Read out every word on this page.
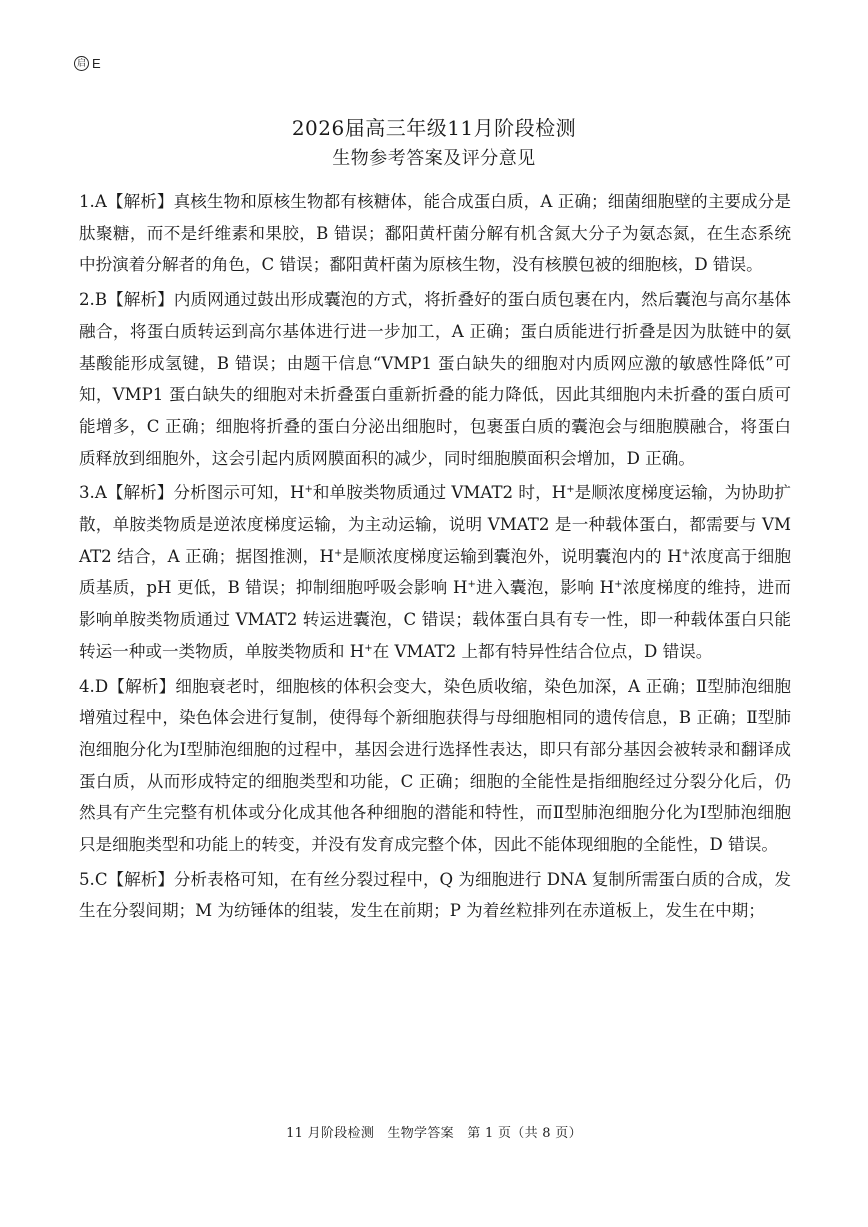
启 E
2026届高三年级11月阶段检测
生物参考答案及评分意见

1.A【解析】真核生物和原核生物都有核糖体，能合成蛋白质，A 正确；细菌细胞壁的主要成分是肽聚糖，而不是纤维素和果胶，B 错误；鄱阳黄杆菌分解有机含氮大分子为氨态氮，在生态系统中扮演着分解者的角色，C 错误；鄱阳黄杆菌为原核生物，没有核膜包被的细胞核，D 错误。

2.B【解析】内质网通过鼓出形成囊泡的方式，将折叠好的蛋白质包裹在内，然后囊泡与高尔基体融合，将蛋白质转运到高尔基体进行进一步加工，A 正确；蛋白质能进行折叠是因为肽链中的氨基酸能形成氢键，B 错误；由题干信息“VMP1 蛋白缺失的细胞对内质网应激的敏感性降低”可知，VMP1 蛋白缺失的细胞对未折叠蛋白重新折叠的能力降低，因此其细胞内未折叠的蛋白质可能增多，C 正确；细胞将折叠的蛋白分泌出细胞时，包裹蛋白质的囊泡会与细胞膜融合，将蛋白质释放到细胞外，这会引起内质网膜面积的减少，同时细胞膜面积会增加，D 正确。

3.A【解析】分析图示可知，H+和单胺类物质通过 VMAT2 时，H+是顺浓度梯度运输，为协助扩散，单胺类物质是逆浓度梯度运输，为主动运输，说明 VMAT2 是一种载体蛋白，都需要与 VMAT2 结合，A 正确；据图推测，H+是顺浓度梯度运输到囊泡外，说明囊泡内的 H+浓度高于细胞质基质，pH 更低，B 错误；抑制细胞呼吸会影响 H+进入囊泡，影响 H+浓度梯度的维持，进而影响单胺类物质通过 VMAT2 转运进囊泡，C 错误；载体蛋白具有专一性，即一种载体蛋白只能转运一种或一类物质，单胺类物质和 H+在 VMAT2 上都有特异性结合位点，D 错误。

4.D【解析】细胞衰老时，细胞核的体积会变大，染色质收缩，染色加深，A 正确；Ⅱ型肺泡细胞增殖过程中，染色体会进行复制，使得每个新细胞获得与母细胞相同的遗传信息，B 正确；Ⅱ型肺泡细胞分化为Ⅰ型肺泡细胞的过程中，基因会进行选择性表达，即只有部分基因会被转录和翻译成蛋白质，从而形成特定的细胞类型和功能，C 正确；细胞的全能性是指细胞经过分裂分化后，仍然具有产生完整有机体或分化成其他各种细胞的潜能和特性，而Ⅱ型肺泡细胞分化为Ⅰ型肺泡细胞只是细胞类型和功能上的转变，并没有发育成完整个体，因此不能体现细胞的全能性，D 错误。

5.C【解析】分析表格可知，在有丝分裂过程中，Q 为细胞进行 DNA 复制所需蛋白质的合成，发生在分裂间期；M 为纺锤体的组装，发生在前期；P 为着丝粒排列在赤道板上，发生在中期；

11 月阶段检测　生物学答案　第 1 页（共 8 页）
